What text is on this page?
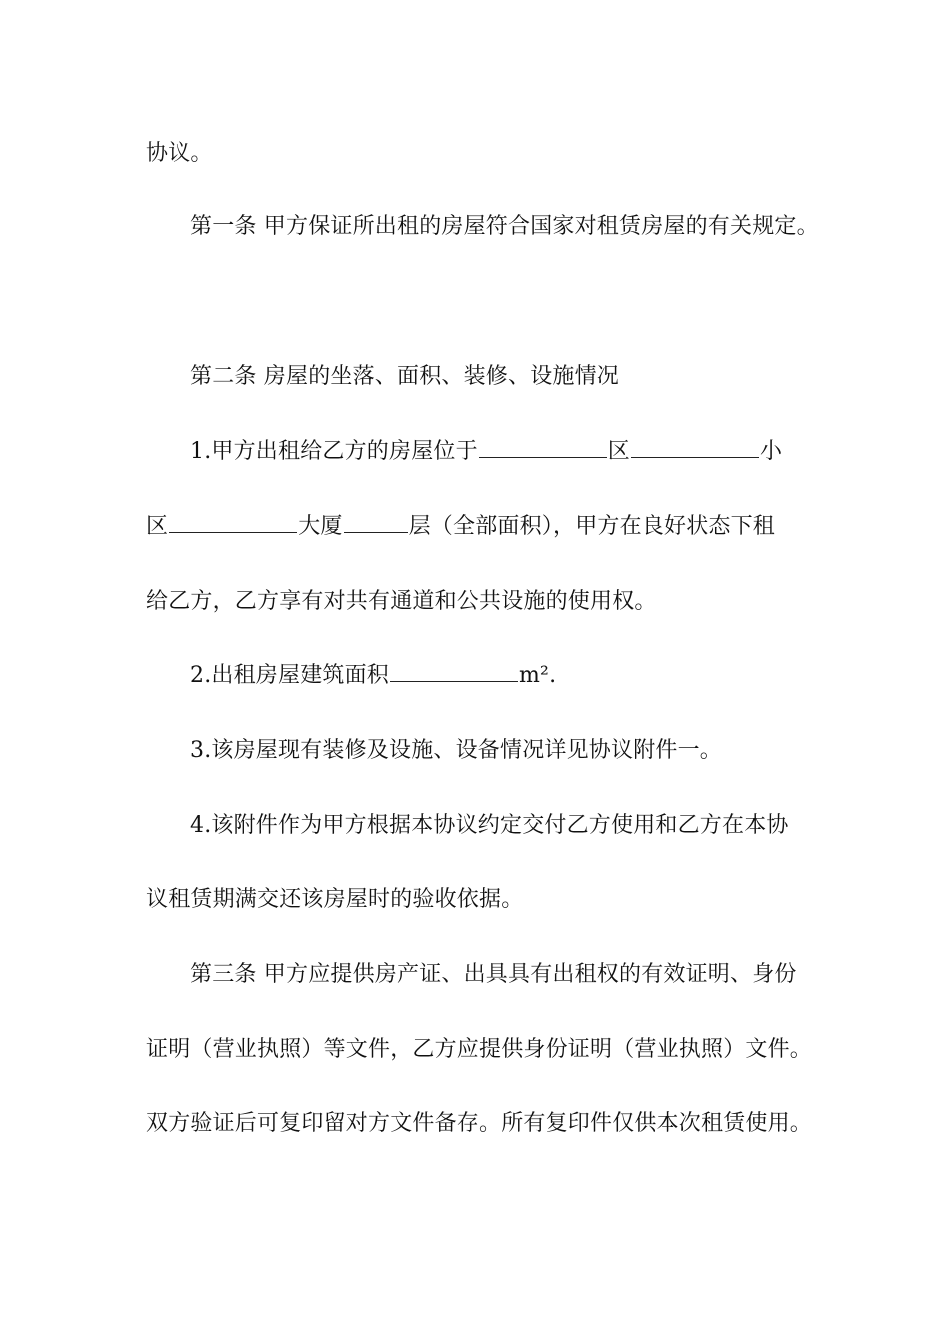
协议。

第一条 甲方保证所出租的房屋符合国家对租赁房屋的有关规定。

第二条 房屋的坐落、面积、装修、设施情况

1.甲方出租给乙方的房屋位于	区	小

区	大厦	层（全部面积），甲方在良好状态下租

给乙方，乙方享有对共有通道和公共设施的使用权。

2.出租房屋建筑面积	m².

3.该房屋现有装修及设施、设备情况详见协议附件一。

4.该附件作为甲方根据本协议约定交付乙方使用和乙方在本协

议租赁期满交还该房屋时的验收依据。

第三条 甲方应提供房产证、出具具有出租权的有效证明、身份

证明（营业执照）等文件，乙方应提供身份证明（营业执照）文件。

双方验证后可复印留对方文件备存。所有复印件仅供本次租赁使用。
